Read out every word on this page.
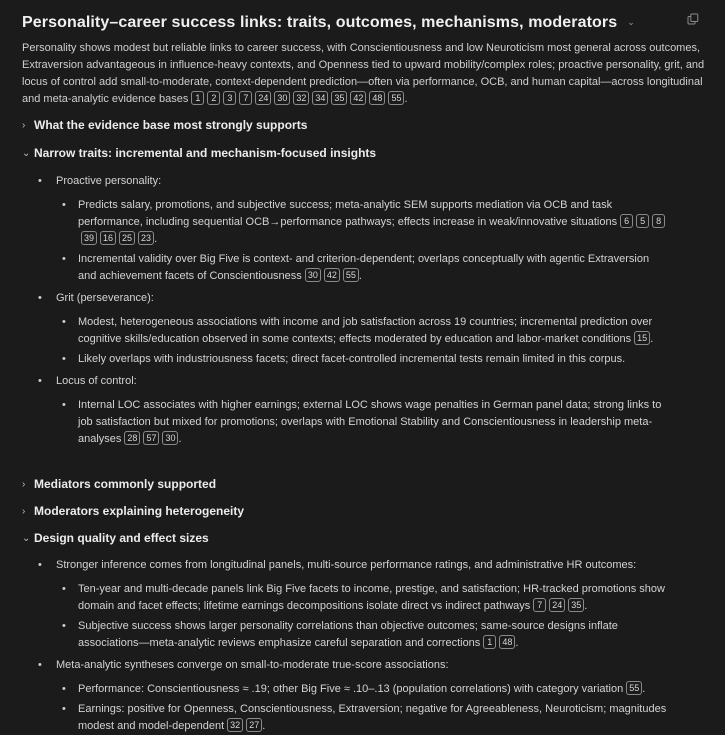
Personality–career success links: traits, outcomes, mechanisms, moderators ⌄
Personality shows modest but reliable links to career success, with Conscientiousness and low Neuroticism most general across outcomes, Extraversion advantageous in influence-heavy contexts, and Openness tied to upward mobility/complex roles; proactive personality, grit, and locus of control add small-to-moderate, context-dependent prediction—often via performance, OCB, and human capital—across longitudinal and meta-analytic evidence bases 1 2 3 7 24 30 32 34 35 42 48 55 .
› What the evidence base most strongly supports
⌄ Narrow traits: incremental and mechanism-focused insights
• Proactive personality:
• Predicts salary, promotions, and subjective success; meta-analytic SEM supports mediation via OCB and task performance, including sequential OCB→performance pathways; effects increase in weak/innovative situations 6 5 839 16 25 23 .
• Incremental validity over Big Five is context- and criterion-dependent; overlaps conceptually with agentic Extraversion and achievement facets of Conscientiousness 30 42 55 .
• Grit (perseverance):
• Modest, heterogeneous associations with income and job satisfaction across 19 countries; incremental prediction over cognitive skills/education observed in some contexts; effects moderated by education and labor-market conditions 15 .
• Likely overlaps with industriousness facets; direct facet-controlled incremental tests remain limited in this corpus.
• Locus of control:
• Internal LOC associates with higher earnings; external LOC shows wage penalties in German panel data; strong links to job satisfaction but mixed for promotions; overlaps with Emotional Stability and Conscientiousness in leadership meta-analyses 28 57 30 .
› Mediators commonly supported
› Moderators explaining heterogeneity
⌄ Design quality and effect sizes
• Stronger inference comes from longitudinal panels, multi-source performance ratings, and administrative HR outcomes:
• Ten-year and multi-decade panels link Big Five facets to income, prestige, and satisfaction; HR-tracked promotions show domain and facet effects; lifetime earnings decompositions isolate direct vs indirect pathways 7 24 35 .
• Subjective success shows larger personality correlations than objective outcomes; same-source designs inflate associations—meta-analytic reviews emphasize careful separation and corrections 1 48 .
• Meta-analytic syntheses converge on small-to-moderate true-score associations:
• Performance: Conscientiousness ≈ .19; other Big Five ≈ .10–.13 (population correlations) with category variation 55 .
• Earnings: positive for Openness, Conscientiousness, Extraversion; negative for Agreeableness, Neuroticism; magnitudes modest and model-dependent 32 27 .
